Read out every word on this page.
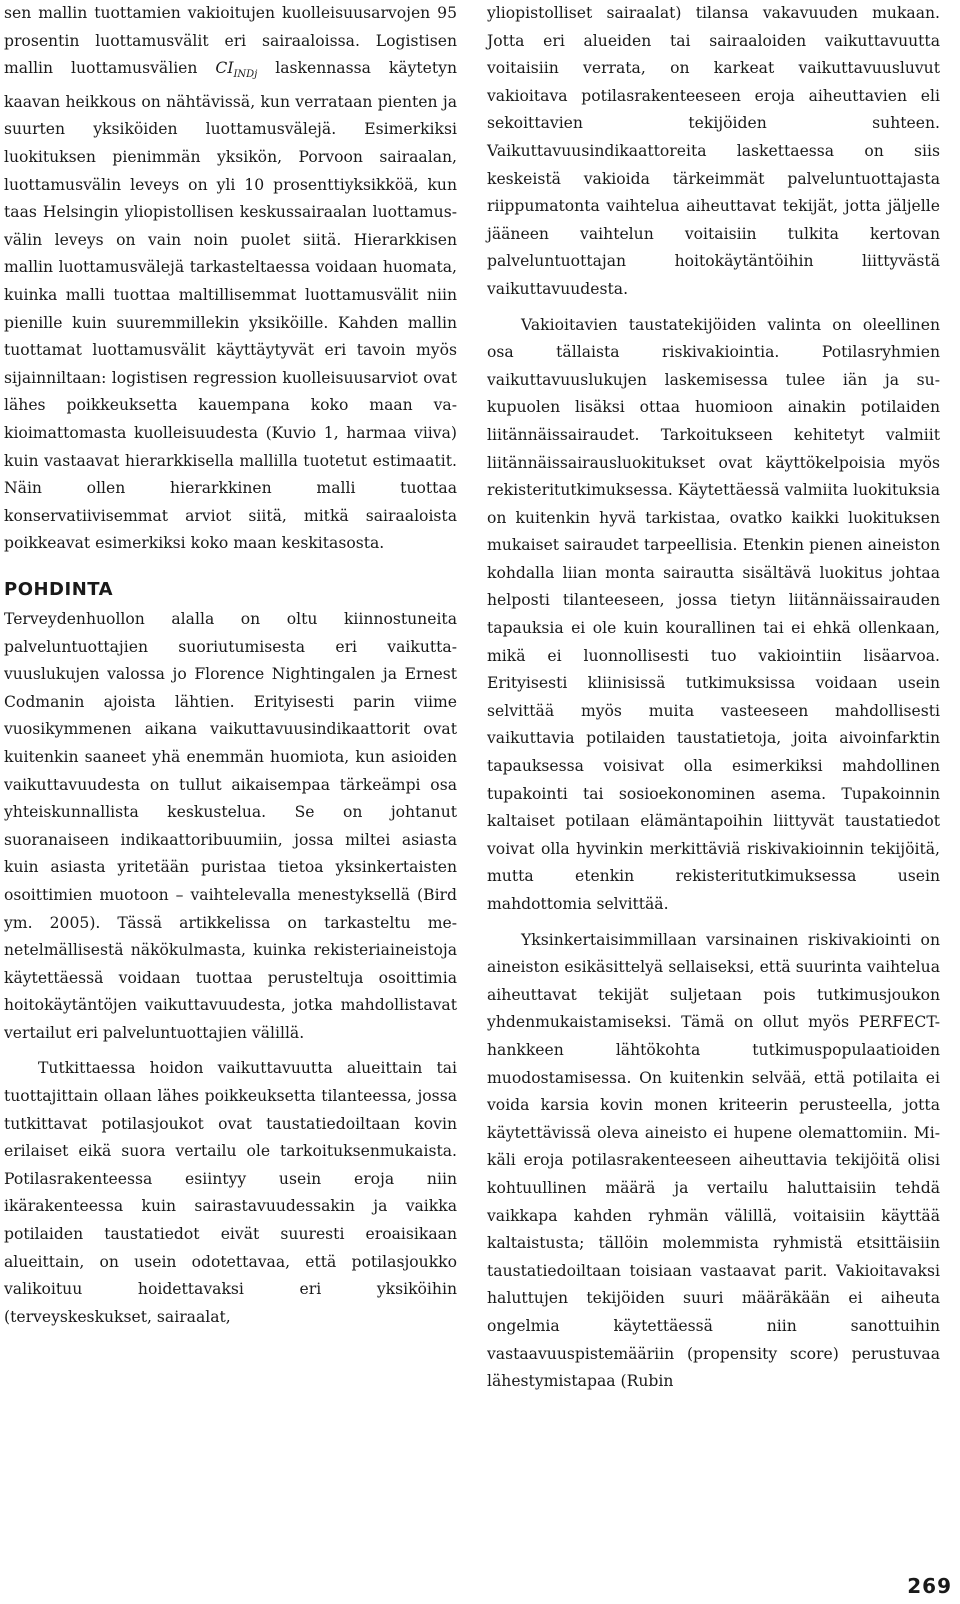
sen mallin tuottamien vakioitujen kuolleisuusarvojen 95 prosentin luottamusvälit eri sairaaloissa. Logistisen mallin luottamusvälien $CI_{INDj}$ laskennassa käytetyn kaavan heikkous on nähtävissä, kun verrataan pienten ja suurten yksiköiden luottamusvälejä. Esimerkiksi luokituksen pienimmän yksikön, Porvoon sairaalan, luottamusvälin leveys on yli 10 prosenttiyksikköä, kun taas Helsingin yliopistollisen keskussairaalan luottamusvälin leveys on vain noin puolet siitä. Hierarkkisen mallin luottamusvälejä tarkasteltaessa voidaan huomata, kuinka malli tuottaa maltillisemmat luottamusvälit niin pienille kuin suuremmillekin yksiköille. Kahden mallin tuottamat luottamusvälit käyttäytyvät eri tavoin myös sijainniltaan: logistisen regression kuolleisuusarviot ovat lähes poikkeuksetta kauempana koko maan vakioimattomasta kuolleisuudesta (Kuvio 1, harmaa viiva) kuin vastaavat hierarkkisella mallilla tuotetut estimaatit. Näin ollen hierarkkinen malli tuottaa konservatiivisemmat arviot siitä, mitkä sairaaloista poikkeavat esimerkiksi koko maan keskitasosta.

POHDINTA

Terveydenhuollon alalla on oltu kiinnostuneita palveluntuottajien suoriutumisesta eri vaikuttavuuslukujen valossa jo Florence Nightingalen ja Ernest Codmanin ajoista lähtien. Erityisesti parin viime vuosikymmenen aikana vaikuttavuusindikaattorit ovat kuitenkin saaneet yhä enemmän huomiota, kun asioiden vaikuttavuudesta on tullut aikaisempaa tärkeämpi osa yhteiskunnallista keskustelua. Se on johtanut suoranaiseen indikaattoribuumiin, jossa miltei asiasta kuin asiasta yritetään puristaa tietoa yksinkertaisten osoittimien muotoon – vaihtelevalla menestyksellä (Bird ym. 2005). Tässä artikkelissa on tarkasteltu menetelmällisestä näkökulmasta, kuinka rekisteriaineistoja käytettäessä voidaan tuottaa perusteltuja osoittimia hoitokäytäntöjen vaikuttavuudesta, jotka mahdollistavat vertailut eri palveluntuottajien välillä.

Tutkittaessa hoidon vaikuttavuutta alueittain tai tuottajittain ollaan lähes poikkeuksetta tilanteessa, jossa tutkittavat potilasjoukot ovat taustatiedoiltaan kovin erilaiset eikä suora vertailu ole tarkoituksenmukaista. Potilasrakenteessa esiintyy usein eroja niin ikärakenteessa kuin sairastavuudessakin ja vaikka potilaiden taustatiedot eivät suuresti eroaisikaan alueittain, on usein odotettavaa, että potilasjoukko valikoituu hoidettavaksi eri yksiköihin (terveyskeskukset, sairaalat,

yliopistolliset sairaalat) tilansa vakavuuden mukaan. Jotta eri alueiden tai sairaaloiden vaikuttavuutta voitaisiin verrata, on karkeat vaikuttavuusluvut vakioitava potilasrakenteeseen eroja aiheuttavien eli sekoittavien tekijöiden suhteen. Vaikuttavuusindikaattoreita laskettaessa on siis keskeistä vakioida tärkeimmät palveluntuottajasta riippumatonta vaihtelua aiheuttavat tekijät, jotta jäljelle jääneen vaihtelun voitaisiin tulkita kertovan palveluntuottajan hoitokäytäntöihin liittyvästä vaikuttavuudesta.

Vakioitavien taustatekijöiden valinta on oleellinen osa tällaista riskivakiointia. Potilasryhmien vaikuttavuuslukujen laskemisessa tulee iän ja sukupuolen lisäksi ottaa huomioon ainakin potilaiden liitännäissairaudet. Tarkoitukseen kehitetyt valmiit liitännäissairausluokitukset ovat käyttökelpoisia myös rekisteritutkimuksessa. Käytettäessä valmiita luokituksia on kuitenkin hyvä tarkistaa, ovatko kaikki luokituksen mukaiset sairaudet tarpeellisia. Etenkin pienen aineiston kohdalla liian monta sairautta sisältävä luokitus johtaa helposti tilanteeseen, jossa tietyn liitännäissairauden tapauksia ei ole kuin kourallinen tai ei ehkä ollenkaan, mikä ei luonnollisesti tuo vakiointiin lisäarvoa. Erityisesti kliinisissä tutkimuksissa voidaan usein selvittää myös muita vasteeseen mahdollisesti vaikuttavia potilaiden taustatietoja, joita aivoinfarktin tapauksessa voisivat olla esimerkiksi mahdollinen tupakointi tai sosioekonominen asema. Tupakoinnin kaltaiset potilaan elämäntapoihin liittyvät taustatiedot voivat olla hyvinkin merkittäviä riskivakioinnin tekijöitä, mutta etenkin rekisteritutkimuksessa usein mahdottomia selvittää.

Yksinkertaisimmillaan varsinainen riskivakiointi on aineiston esikäsittelyä sellaiseksi, että suurinta vaihtelua aiheuttavat tekijät suljetaan pois tutkimusjoukon yhdenmukaistamiseksi. Tämä on ollut myös PERFECT-hankkeen lähtökohta tutkimuspopulaatioiden muodostamisessa. On kuitenkin selvää, että potilaita ei voida karsia kovin monen kriteerin perusteella, jotta käytettävissä oleva aineisto ei hupene olemattomiin. Mikäli eroja potilasrakenteeseen aiheuttavia tekijöitä olisi kohtuullinen määrä ja vertailu haluttaisiin tehdä vaikkapa kahden ryhmän välillä, voitaisiin käyttää kaltaistusta; tällöin molemmista ryhmistä etsittäisiin taustatiedoiltaan toisiaan vastaavat parit. Vakioitavaksi haluttujen tekijöiden suuri määräkään ei aiheuta ongelmia käytettäessä niin sanottuihin vastaavuuspistemääriin (propensity score) perustuvaa lähestymistapaa (Rubin

269
